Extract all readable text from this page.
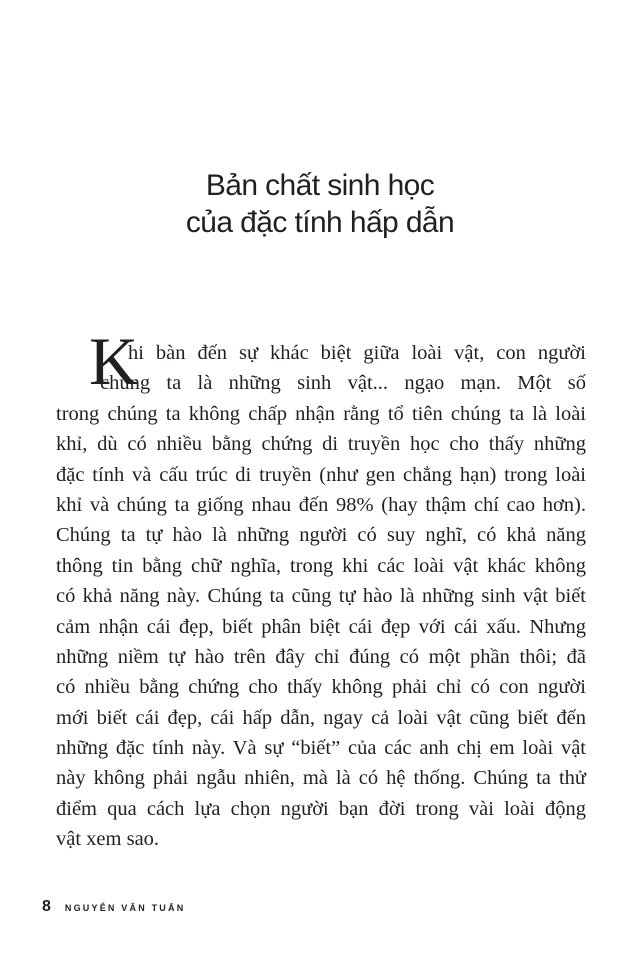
Bản chất sinh học
của đặc tính hấp dẫn
K
hi bàn đến sự khác biệt giữa loài vật, con người
chúng ta là những sinh vật... ngạo mạn. Một số
trong chúng ta không chấp nhận rằng tổ tiên chúng ta là loài
khỉ, dù có nhiều bằng chứng di truyền học cho thấy những
đặc tính và cấu trúc di truyền (như gen chẳng hạn) trong loài
khỉ và chúng ta giống nhau đến 98% (hay thậm chí cao hơn).
Chúng ta tự hào là những người có suy nghĩ, có khả năng
thông tin bằng chữ nghĩa, trong khi các loài vật khác không
có khả năng này. Chúng ta cũng tự hào là những sinh vật biết
cảm nhận cái đẹp, biết phân biệt cái đẹp với cái xấu. Nhưng
những niềm tự hào trên đây chỉ đúng có một phần thôi; đã
có nhiều bằng chứng cho thấy không phải chỉ có con người
mới biết cái đẹp, cái hấp dẫn, ngay cả loài vật cũng biết đến
những đặc tính này. Và sự “biết” của các anh chị em loài vật
này không phải ngẫu nhiên, mà là có hệ thống. Chúng ta thử
điểm qua cách lựa chọn người bạn đời trong vài loài động
vật xem sao.
8 NGUYỄN VĂN TUẤN
